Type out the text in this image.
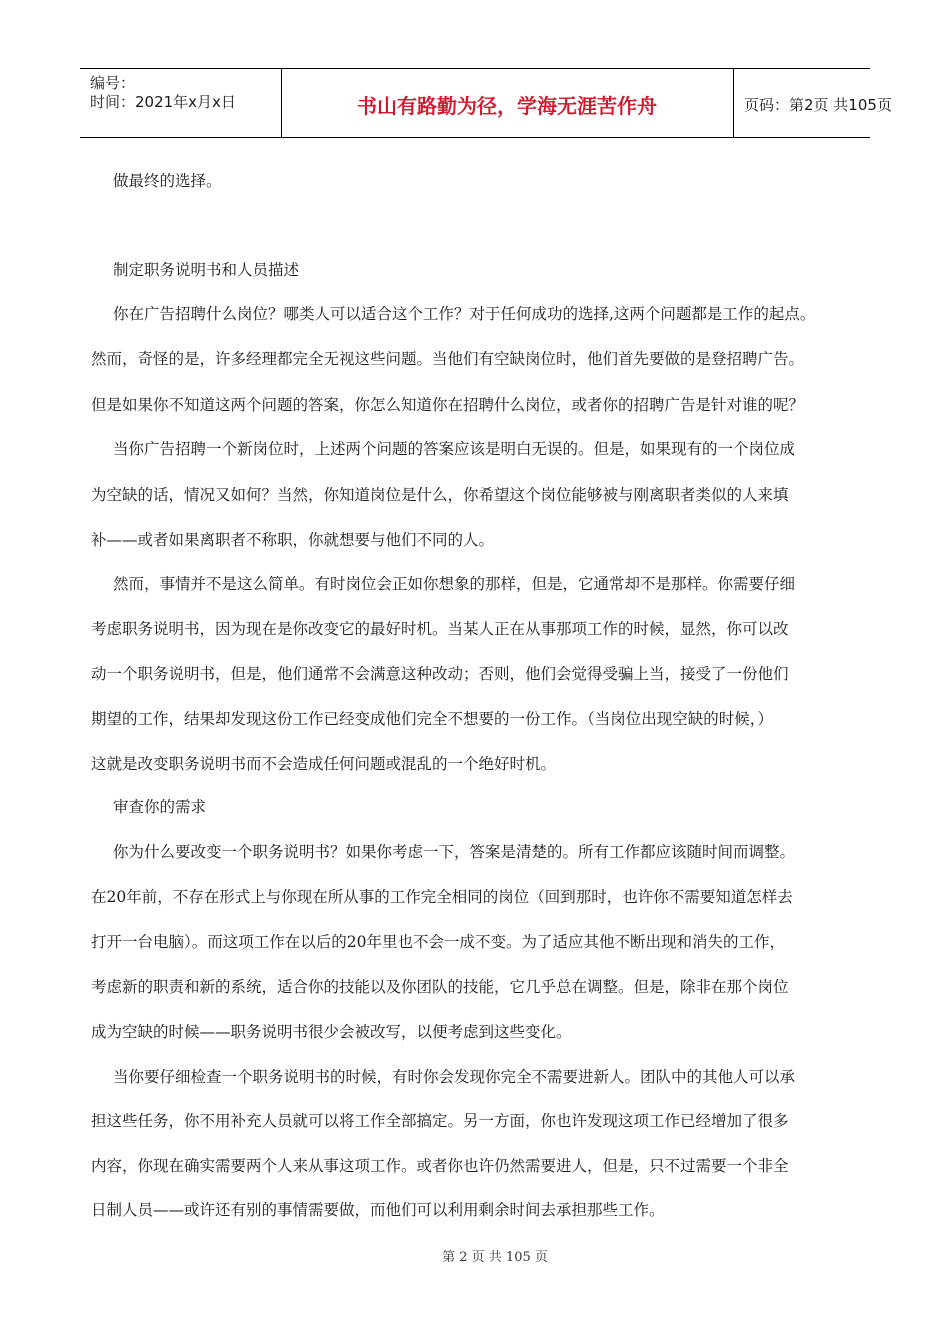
编号：
时间：2021年x月x日	书山有路勤为径，学海无涯苦作舟	页码：第2页 共105页
做最终的选择。
制定职务说明书和人员描述
你在广告招聘什么岗位？哪类人可以适合这个工作？对于任何成功的选择,这两个问题都是工作的起点。
然而，奇怪的是，许多经理都完全无视这些问题。当他们有空缺岗位时，他们首先要做的是登招聘广告。
但是如果你不知道这两个问题的答案，你怎么知道你在招聘什么岗位，或者你的招聘广告是针对谁的呢？
当你广告招聘一个新岗位时，上述两个问题的答案应该是明白无误的。但是，如果现有的一个岗位成
为空缺的话，情况又如何？当然，你知道岗位是什么，你希望这个岗位能够被与刚离职者类似的人来填
补——或者如果离职者不称职，你就想要与他们不同的人。
然而，事情并不是这么简单。有时岗位会正如你想象的那样，但是，它通常却不是那样。你需要仔细
考虑职务说明书，因为现在是你改变它的最好时机。当某人正在从事那项工作的时候，显然，你可以改
动一个职务说明书，但是，他们通常不会满意这种改动；否则，他们会觉得受骗上当，接受了一份他们
期望的工作，结果却发现这份工作已经变成他们完全不想要的一份工作。（当岗位出现空缺的时候，）
这就是改变职务说明书而不会造成任何问题或混乱的一个绝好时机。
审查你的需求
你为什么要改变一个职务说明书？如果你考虑一下，答案是清楚的。所有工作都应该随时间而调整。
在20年前，不存在形式上与你现在所从事的工作完全相同的岗位（回到那时，也许你不需要知道怎样去
打开一台电脑）。而这项工作在以后的20年里也不会一成不变。为了适应其他不断出现和消失的工作，
考虑新的职责和新的系统，适合你的技能以及你团队的技能，它几乎总在调整。但是，除非在那个岗位
成为空缺的时候——职务说明书很少会被改写，以便考虑到这些变化。
当你要仔细检查一个职务说明书的时候，有时你会发现你完全不需要进新人。团队中的其他人可以承
担这些任务，你不用补充人员就可以将工作全部搞定。另一方面，你也许发现这项工作已经增加了很多
内容，你现在确实需要两个人来从事这项工作。或者你也许仍然需要进人，但是，只不过需要一个非全
日制人员——或许还有别的事情需要做，而他们可以利用剩余时间去承担那些工作。
第 2 页 共 105 页
